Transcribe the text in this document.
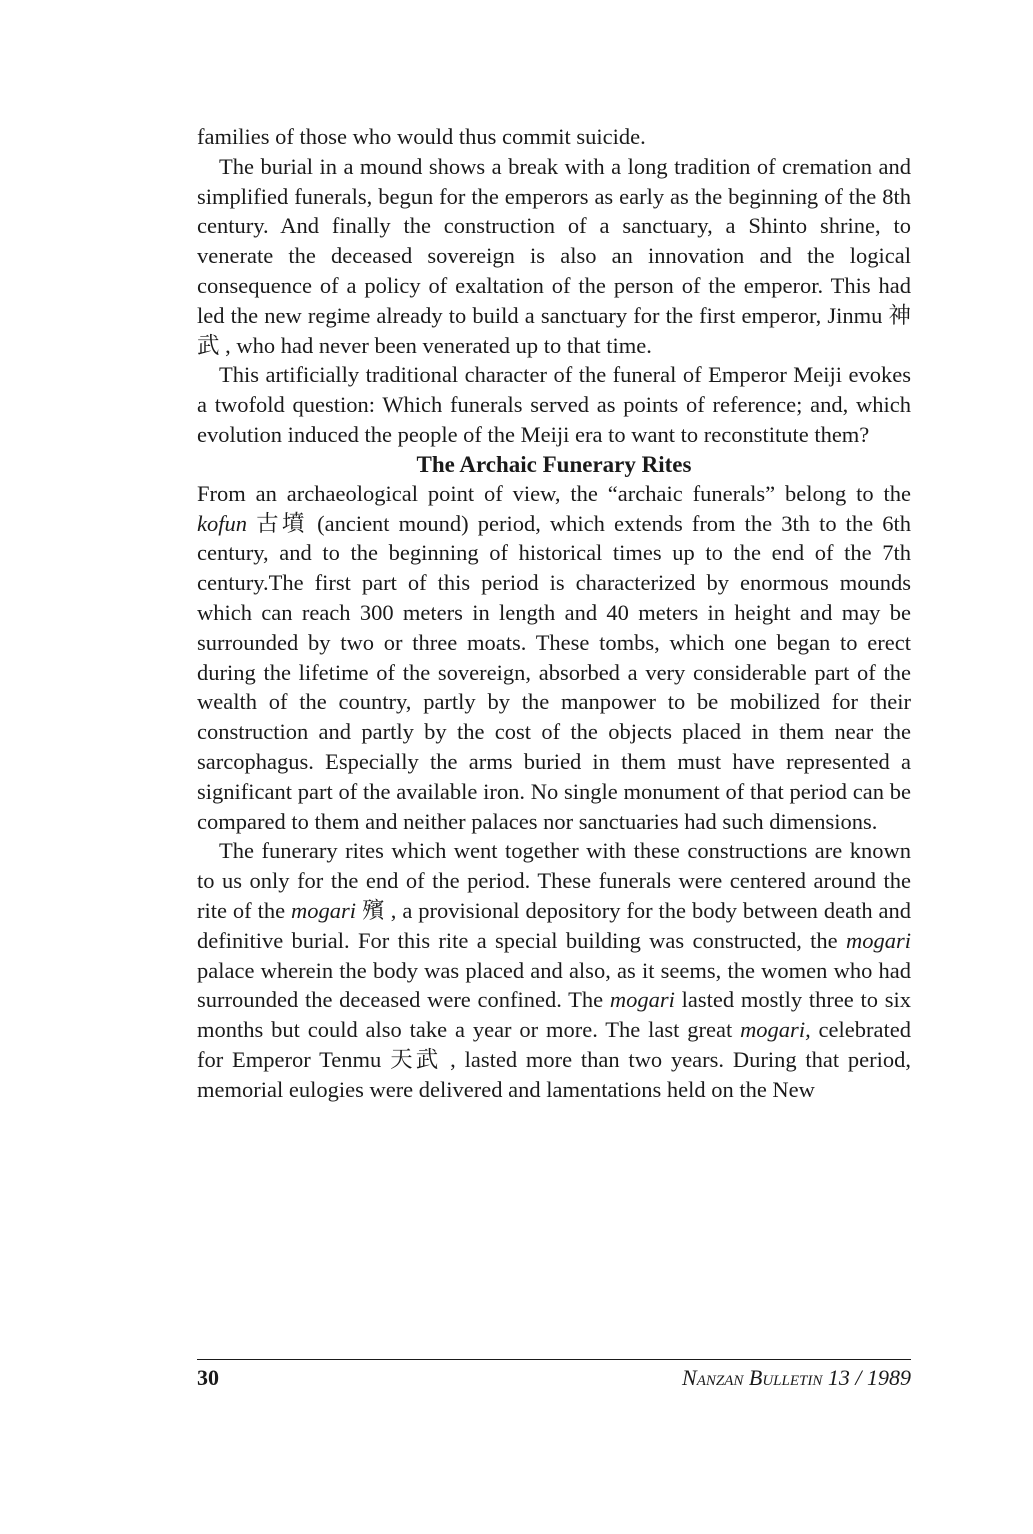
families of those who would thus commit suicide.

The burial in a mound shows a break with a long tradition of cremation and simplified funerals, begun for the emperors as early as the beginning of the 8th century. And finally the construction of a sanctuary, a Shinto shrine, to venerate the deceased sovereign is also an innovation and the logical consequence of a policy of exaltation of the person of the emperor. This had led the new regime already to build a sanctuary for the first emperor, Jinmu 神武 , who had never been venerated up to that time.

This artificially traditional character of the funeral of Emperor Meiji evokes a twofold question: Which funerals served as points of reference; and, which evolution induced the people of the Meiji era to want to reconstitute them?

The Archaic Funerary Rites

From an archaeological point of view, the “archaic funerals” belong to the kofun 古墳 (ancient mound) period, which extends from the 3th to the 6th century, and to the beginning of historical times up to the end of the 7th century.The first part of this period is characterized by enormous mounds which can reach 300 meters in length and 40 meters in height and may be surrounded by two or three moats. These tombs, which one began to erect during the lifetime of the sovereign, absorbed a very considerable part of the wealth of the country, partly by the manpower to be mobilized for their construction and partly by the cost of the objects placed in them near the sarcophagus. Especially the arms buried in them must have represented a significant part of the available iron. No single monument of that period can be compared to them and neither palaces nor sanctuaries had such dimensions.

The funerary rites which went together with these constructions are known to us only for the end of the period. These funerals were centered around the rite of the mogari 殯 , a provisional depository for the body between death and definitive burial. For this rite a special building was constructed, the mogari palace wherein the body was placed and also, as it seems, the women who had surrounded the deceased were confined. The mogari lasted mostly three to six months but could also take a year or more. The last great mogari, celebrated for Emperor Tenmu 天武 , lasted more than two years. During that period, memorial eulogies were delivered and lamentations held on the New

30	Nanzan Bulletin 13 / 1989
